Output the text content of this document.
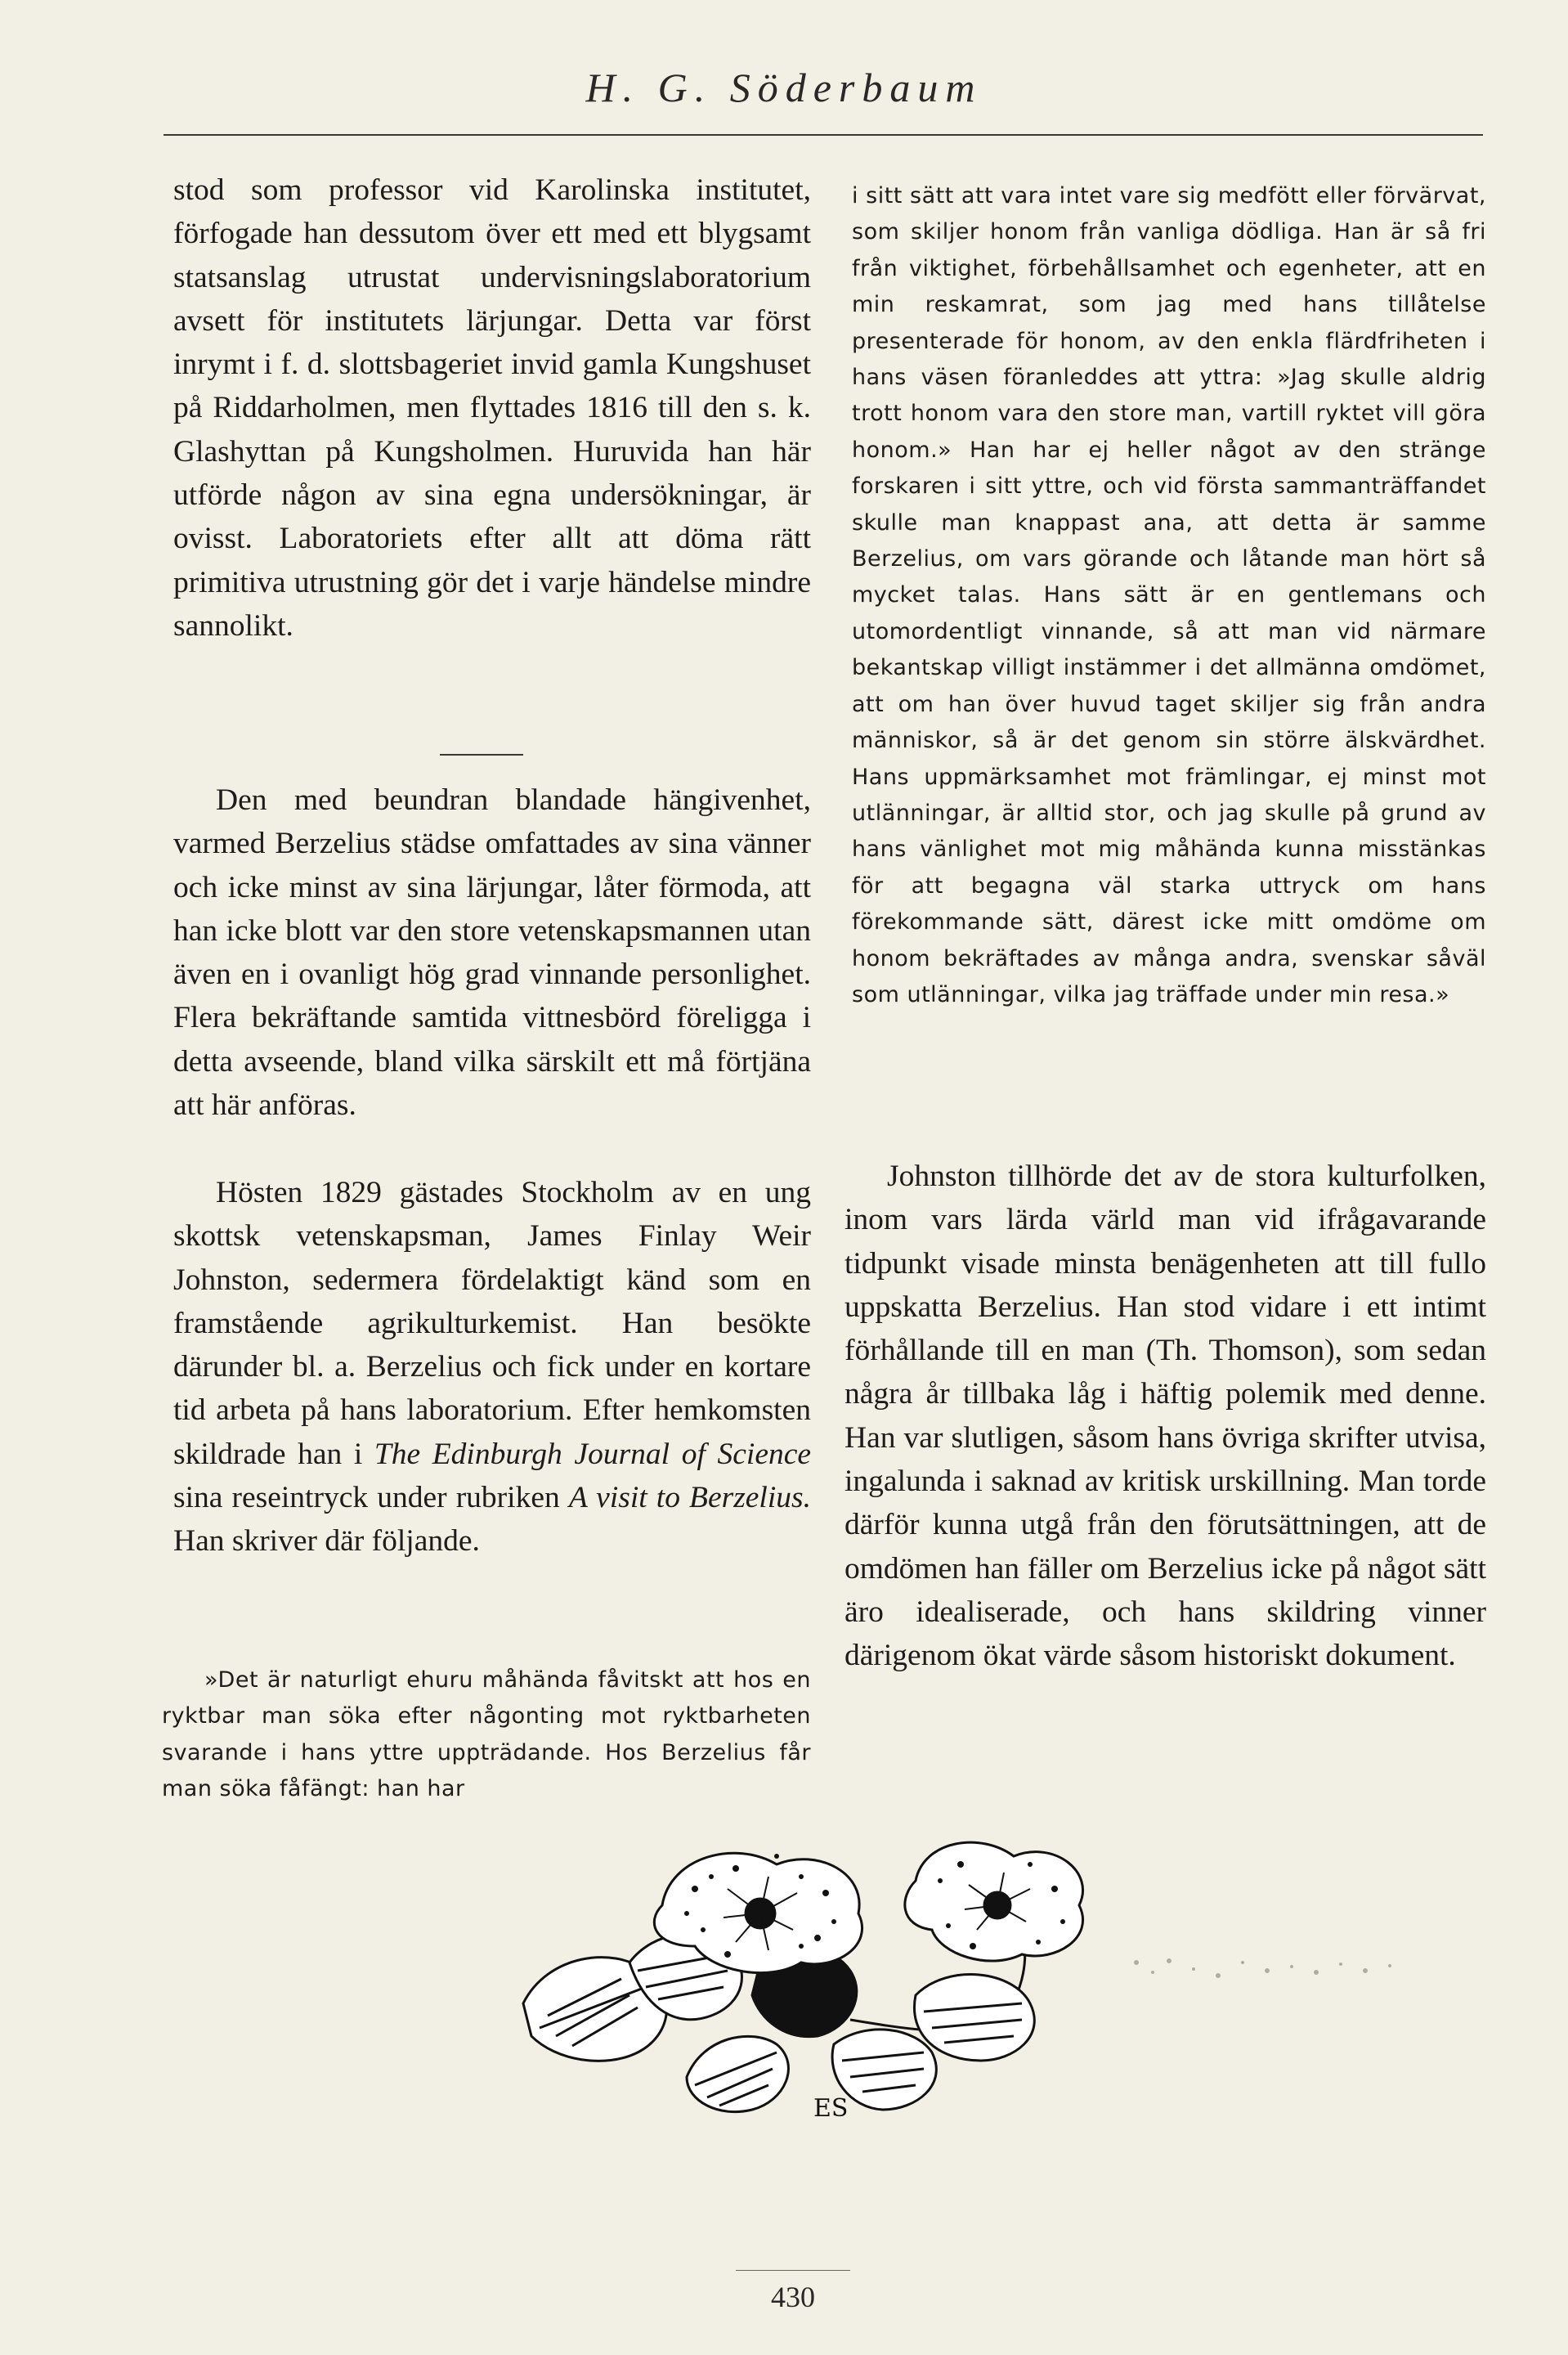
H. G. Söderbaum
stod som professor vid Karolinska institutet, förfogade han dessutom över ett med ett blygsamt statsanslag utrustat undervisningslaboratorium avsett för institutets lärjungar. Detta var först inrymt i f. d. slottsbageriet invid gamla Kungshuset på Riddarholmen, men flyttades 1816 till den s. k. Glashyttan på Kungsholmen. Huruvida han här utförde någon av sina egna undersökningar, är ovisst. Laboratoriets efter allt att döma rätt primitiva utrustning gör det i varje händelse mindre sannolikt.
Den med beundran blandade hängivenhet, varmed Berzelius städse omfattades av sina vänner och icke minst av sina lärjungar, låter förmoda, att han icke blott var den store vetenskapsmannen utan även en i ovanligt hög grad vinnande personlighet. Flera bekräftande samtida vittnesbörd föreligga i detta avseende, bland vilka särskilt ett må förtjäna att här anföras.
Hösten 1829 gästades Stockholm av en ung skottsk vetenskapsman, James Finlay Weir Johnston, sedermera fördelaktigt känd som en framstående agrikulturkemist. Han besökte därunder bl. a. Berzelius och fick under en kortare tid arbeta på hans laboratorium. Efter hemkomsten skildrade han i The Edinburgh Journal of Science sina reseintryck under rubriken A visit to Berzelius. Han skriver där följande.
»Det är naturligt ehuru måhända fåvitskt att hos en ryktbar man söka efter någonting mot ryktbarheten svarande i hans yttre uppträdande. Hos Berzelius får man söka fåfängt: han har
i sitt sätt att vara intet vare sig medfött eller förvärvat, som skiljer honom från vanliga dödliga. Han är så fri från viktighet, förbehållsamhet och egenheter, att en min reskamrat, som jag med hans tillåtelse presenterade för honom, av den enkla flärdfriheten i hans väsen föranleddes att yttra: »Jag skulle aldrig trott honom vara den store man, vartill ryktet vill göra honom.» Han har ej heller något av den stränge forskaren i sitt yttre, och vid första sammanträffandet skulle man knappast ana, att detta är samme Berzelius, om vars görande och låtande man hört så mycket talas. Hans sätt är en gentlemans och utomordentligt vinnande, så att man vid närmare bekantskap villigt instämmer i det allmänna omdömet, att om han över huvud taget skiljer sig från andra människor, så är det genom sin större älskvärdhet. Hans uppmärksamhet mot främlingar, ej minst mot utlänningar, är alltid stor, och jag skulle på grund av hans vänlighet mot mig måhända kunna misstänkas för att begagna väl starka uttryck om hans förekommande sätt, därest icke mitt omdöme om honom bekräftades av många andra, svenskar såväl som utlänningar, vilka jag träffade under min resa.»
Johnston tillhörde det av de stora kulturfolken, inom vars lärda värld man vid ifrågavarande tidpunkt visade minsta benägenheten att till fullo uppskatta Berzelius. Han stod vidare i ett intimt förhållande till en man (Th. Thomson), som sedan några år tillbaka låg i häftig polemik med denne. Han var slutligen, såsom hans övriga skrifter utvisa, ingalunda i saknad av kritisk urskillning. Man torde därför kunna utgå från den förutsättningen, att de omdömen han fäller om Berzelius icke på något sätt äro idealiserade, och hans skildring vinner därigenom ökat värde såsom historiskt dokument.
ES
430
